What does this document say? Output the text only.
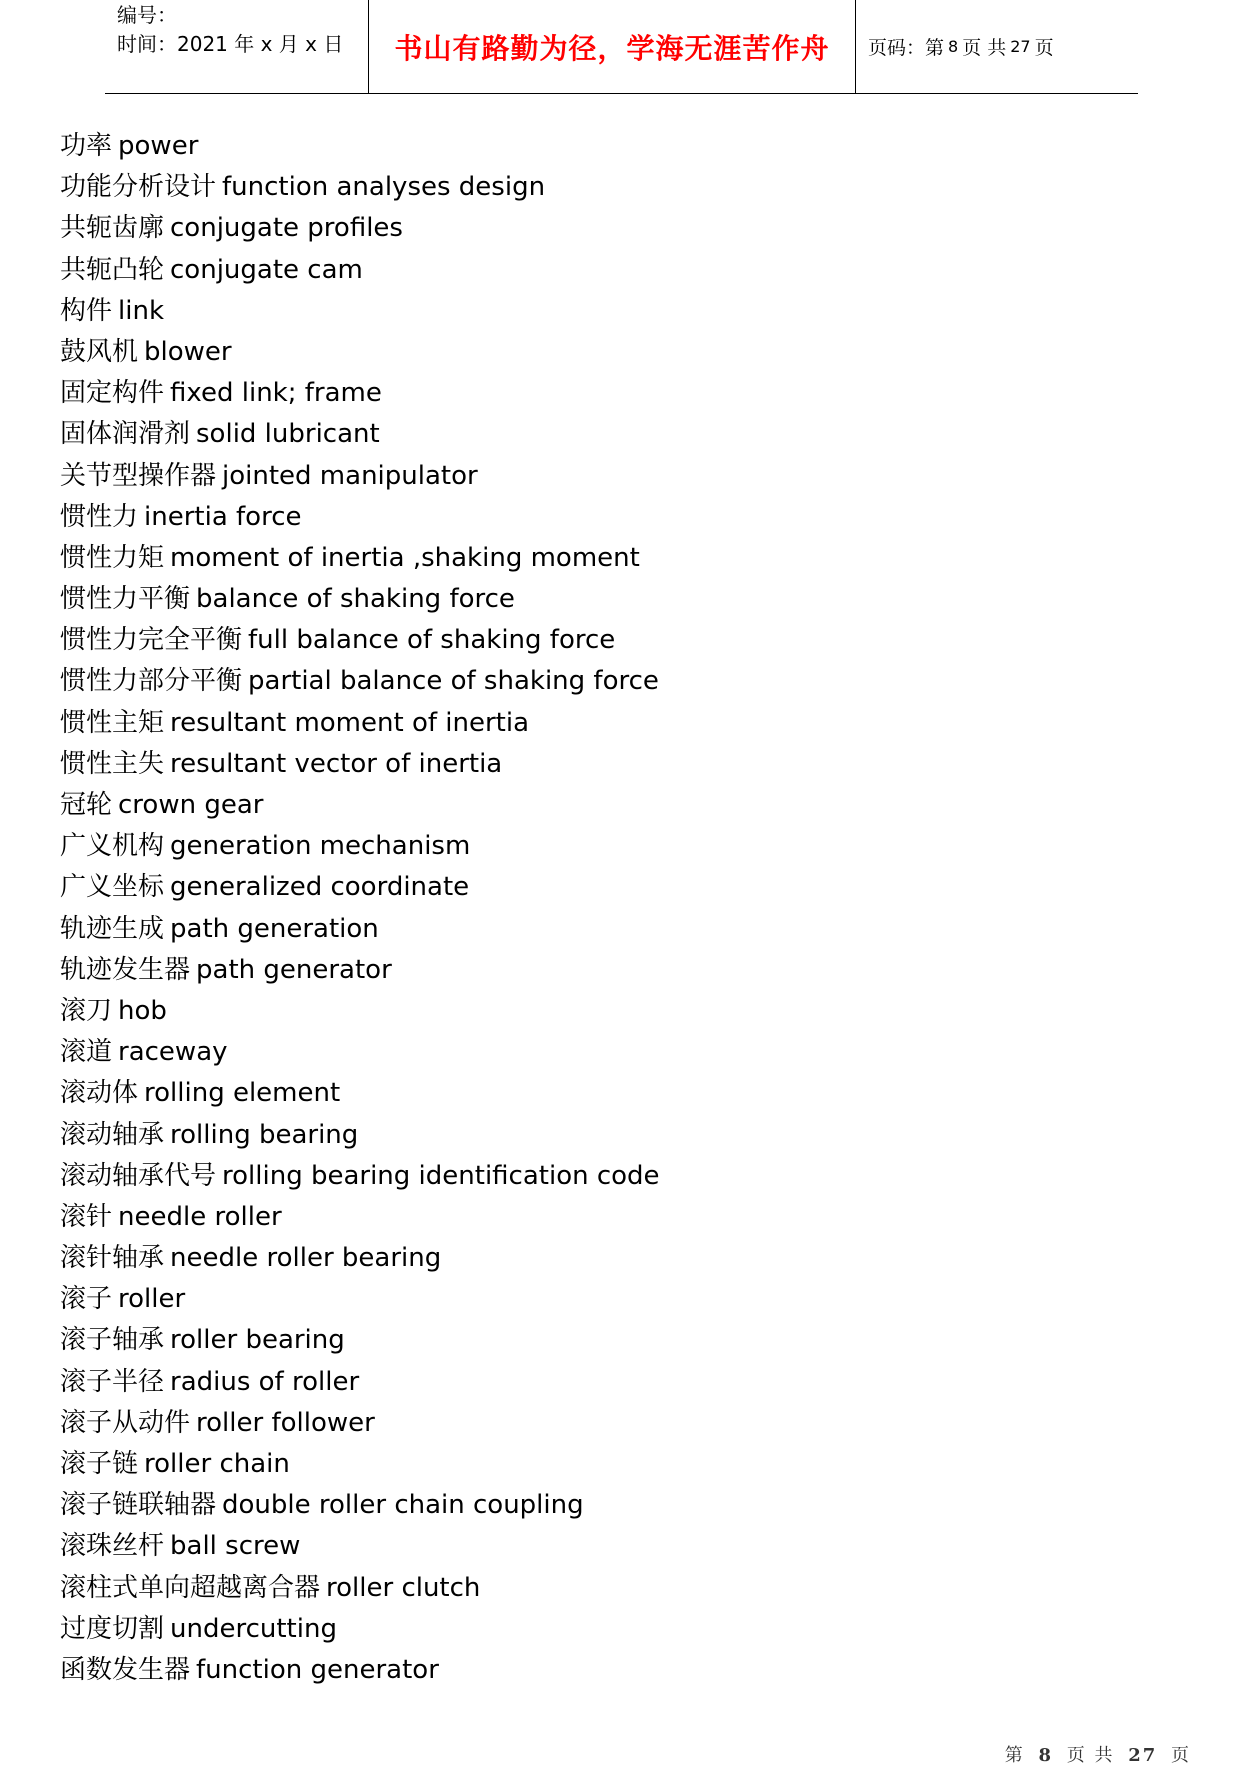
编号：
时间：2021 年 x 月 x 日	书山有路勤为径，学海无涯苦作舟 页码：第 8 页 共 27 页
功率 power
功能分析设计 function analyses design
共轭齿廓 conjugate profiles
共轭凸轮 conjugate cam
构件 link
鼓风机 blower
固定构件 fixed link; frame
固体润滑剂 solid lubricant
关节型操作器 jointed manipulator
惯性力 inertia force
惯性力矩 moment of inertia ,shaking moment
惯性力平衡 balance of shaking force
惯性力完全平衡 full balance of shaking force
惯性力部分平衡 partial balance of shaking force
惯性主矩 resultant moment of inertia
惯性主失 resultant vector of inertia
冠轮 crown gear
广义机构 generation mechanism
广义坐标 generalized coordinate
轨迹生成 path generation
轨迹发生器 path generator
滚刀 hob
滚道 raceway
滚动体 rolling element
滚动轴承 rolling bearing
滚动轴承代号 rolling bearing identification code
滚针 needle roller
滚针轴承 needle roller bearing
滚子 roller
滚子轴承 roller bearing
滚子半径 radius of roller
滚子从动件 roller follower
滚子链 roller chain
滚子链联轴器 double roller chain coupling
滚珠丝杆 ball screw
滚柱式单向超越离合器 roller clutch
过度切割 undercutting
函数发生器 function generator
第 8 页 共 27 页
